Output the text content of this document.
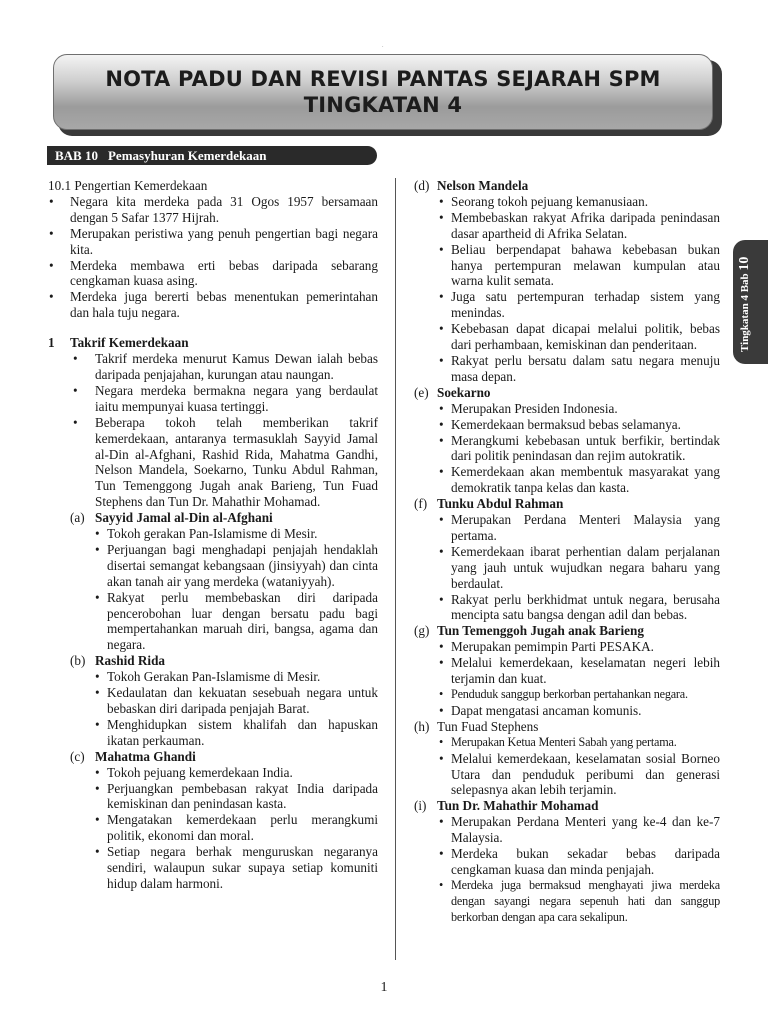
.
NOTA PADU DAN REVISI PANTAS SEJARAH SPM
TINGKATAN 4
BAB 10 Pemasyhuran Kemerdekaan
Tingkatan 4 Bab 10
10.1 Pengertian Kemerdekaan
• Negara kita merdeka pada 31 Ogos 1957 bersamaan dengan 5 Safar 1377 Hijrah.
• Merupakan peristiwa yang penuh pengertian bagi negara kita.
• Merdeka membawa erti bebas daripada sebarang cengkaman kuasa asing.
• Merdeka juga bererti bebas menentukan pemerintahan dan hala tuju negara.
1 Takrif Kemerdekaan
• Takrif merdeka menurut Kamus Dewan ialah bebas daripada penjajahan, kurungan atau naungan.
• Negara merdeka bermakna negara yang berdaulat iaitu mempunyai kuasa tertinggi.
• Beberapa tokoh telah memberikan takrif kemerdekaan, antaranya termasuklah Sayyid Jamal al-Din al-Afghani, Rashid Rida, Mahatma Gandhi, Nelson Mandela, Soekarno, Tunku Abdul Rahman, Tun Temenggong Jugah anak Barieng, Tun Fuad Stephens dan Tun Dr. Mahathir Mohamad.
(a) Sayyid Jamal al-Din al-Afghani
• Tokoh gerakan Pan-Islamisme di Mesir.
• Perjuangan bagi menghadapi penjajah hendaklah disertai semangat kebangsaan (jinsiyyah) dan cinta akan tanah air yang merdeka (wataniyyah).
• Rakyat perlu membebaskan diri daripada pencerobohan luar dengan bersatu padu bagi mempertahankan maruah diri, bangsa, agama dan negara.
(b) Rashid Rida
• Tokoh Gerakan Pan-Islamisme di Mesir.
• Kedaulatan dan kekuatan sesebuah negara untuk bebaskan diri daripada penjajah Barat.
• Menghidupkan sistem khalifah dan hapuskan ikatan perkauman.
(c) Mahatma Ghandi
• Tokoh pejuang kemerdekaan India.
• Perjuangkan pembebasan rakyat India daripada kemiskinan dan penindasan kasta.
• Mengatakan kemerdekaan perlu merangkumi politik, ekonomi dan moral.
• Setiap negara berhak menguruskan negaranya sendiri, walaupun sukar supaya setiap komuniti hidup dalam harmoni.
(d) Nelson Mandela
• Seorang tokoh pejuang kemanusiaan.
• Membebaskan rakyat Afrika daripada penindasan dasar apartheid di Afrika Selatan.
• Beliau berpendapat bahawa kebebasan bukan hanya pertempuran melawan kumpulan atau warna kulit semata.
• Juga satu pertempuran terhadap sistem yang menindas.
• Kebebasan dapat dicapai melalui politik, bebas dari perhambaan, kemiskinan dan penderitaan.
• Rakyat perlu bersatu dalam satu negara menuju masa depan.
(e) Soekarno
• Merupakan Presiden Indonesia.
• Kemerdekaan bermaksud bebas selamanya.
• Merangkumi kebebasan untuk berfikir, bertindak dari politik penindasan dan rejim autokratik.
• Kemerdekaan akan membentuk masyarakat yang demokratik tanpa kelas dan kasta.
(f) Tunku Abdul Rahman
• Merupakan Perdana Menteri Malaysia yang pertama.
• Kemerdekaan ibarat perhentian dalam perjalanan yang jauh untuk wujudkan negara baharu yang berdaulat.
• Rakyat perlu berkhidmat untuk negara, berusaha mencipta satu bangsa dengan adil dan bebas.
(g) Tun Temenggoh Jugah anak Barieng
• Merupakan pemimpin Parti PESAKA.
• Melalui kemerdekaan, keselamatan negeri lebih terjamin dan kuat.
• Penduduk sanggup berkorban pertahankan negara.
• Dapat mengatasi ancaman komunis.
(h) Tun Fuad Stephens
• Merupakan Ketua Menteri Sabah yang pertama.
• Melalui kemerdekaan, keselamatan sosial Borneo Utara dan penduduk peribumi dan generasi selepasnya akan lebih terjamin.
(i) Tun Dr. Mahathir Mohamad
• Merupakan Perdana Menteri yang ke-4 dan ke-7 Malaysia.
• Merdeka bukan sekadar bebas daripada cengkaman kuasa dan minda penjajah.
• Merdeka juga bermaksud menghayati jiwa merdeka dengan sayangi negara sepenuh hati dan sanggup berkorban dengan apa cara sekalipun.
1
